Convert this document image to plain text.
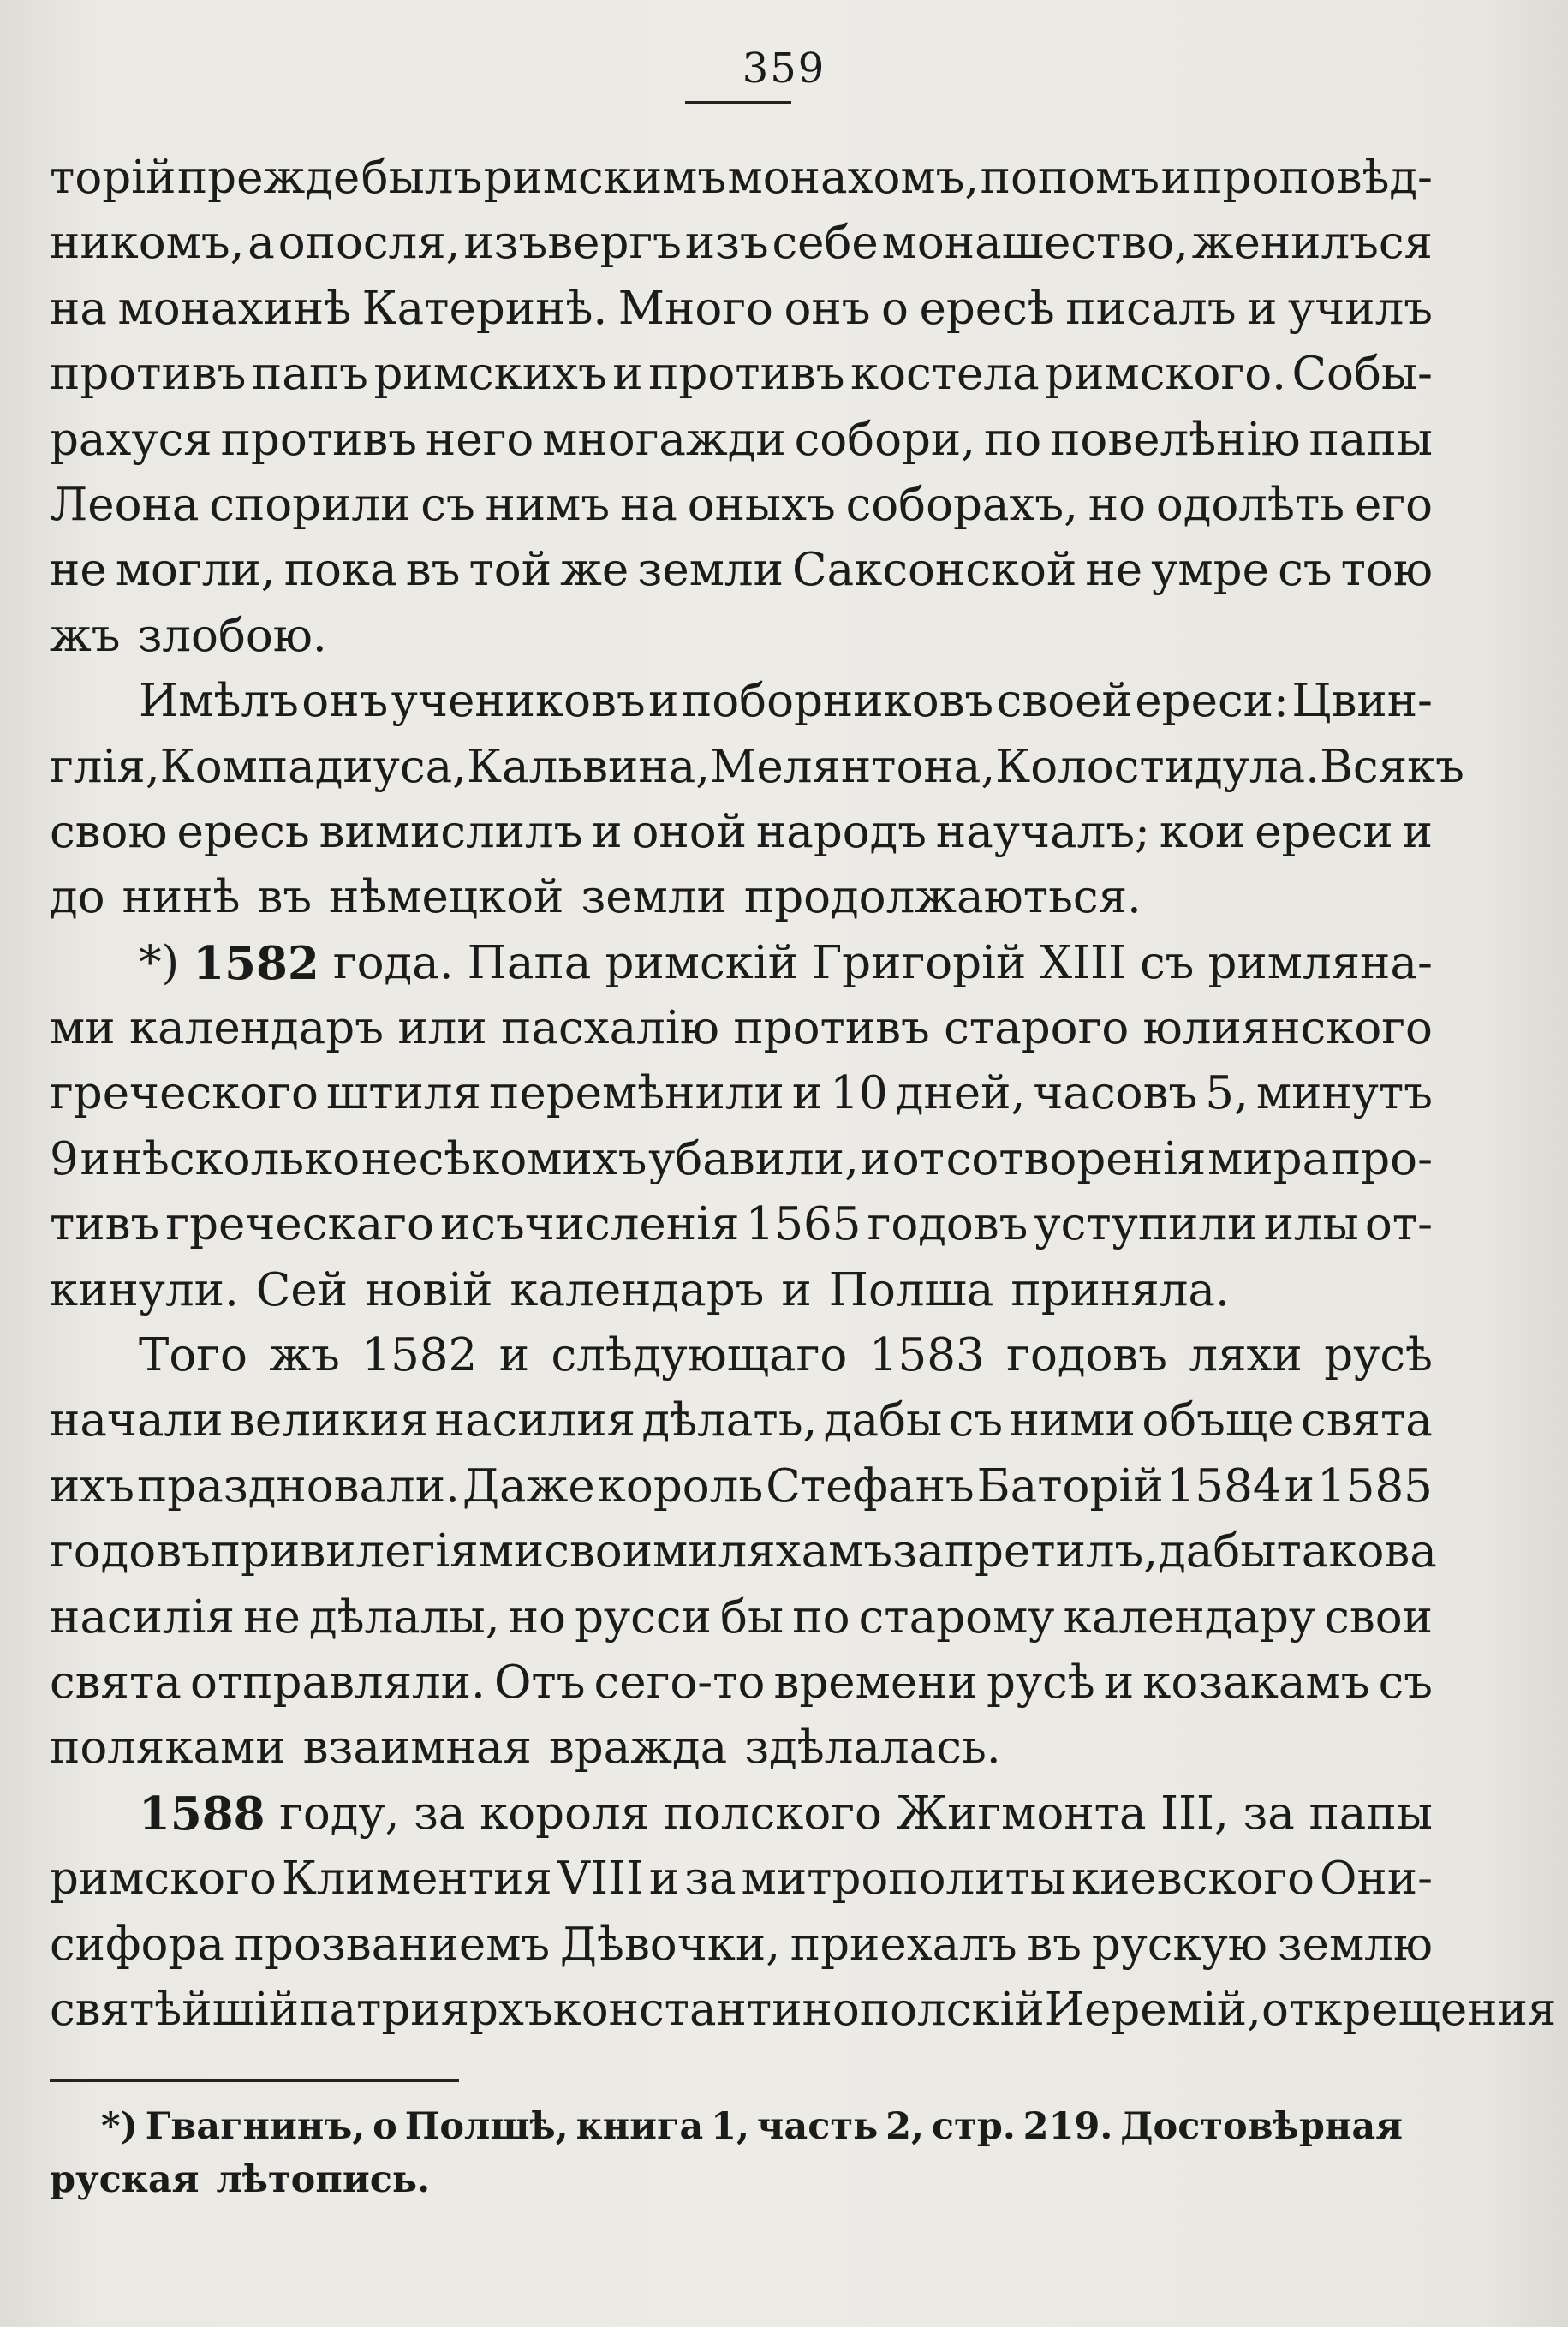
359
торій прежде былъ римскимъ монахомъ, попомъ и проповѣд-
никомъ, а опосля, изъвергъ изъ себе монашество, женилъся
на монахинѣ Катеринѣ. Много онъ о ересѣ писалъ и училъ
противъ папъ римскихъ и противъ костела римского. Собы-
рахуся противъ него многажди собори, по повелѣнію папы
Леона спорили съ нимъ на оныхъ соборахъ, но одолѣть его
не могли, пока въ той же земли Саксонской не умре съ тою
жъ злобою.
Имѣлъ онъ учениковъ и поборниковъ своей ереси: Цвин-
глія, Компадиуса, Кальвина, Мелянтона, Колостидула. Всякъ
свою ересь вимислилъ и оной народъ научалъ; кои ереси и
до нинѣ въ нѣмецкой земли продолжаються.
*) 1582 года. Папа римскій Григорій XIII съ римляна-
ми календаръ или пасхалію противъ старого юлиянского
греческого штиля перемѣнили и 10 дней, часовъ 5, минутъ
9 и нѣсколько несѣкомихъ убавили, и от сотворенія мира про-
тивъ греческаго исъчисленія 1565 годовъ уступили илы от-
кинули. Сей новій календаръ и Полша приняла.
Того жъ 1582 и слѣдующаго 1583 годовъ ляхи русѣ
начали великия насилия дѣлать, дабы съ ними объще свята
ихъ праздновали. Даже король Стефанъ Баторій 1584 и 1585
годовъ привилегіями своими ляхамъ запретилъ, дабы такова
насилія не дѣлалы, но русси бы по старому календару свои
свята отправляли. Отъ сего-то времени русѣ и козакамъ съ
поляками взаимная вражда здѣлалась.
1588 году, за короля полского Жигмонта III, за папы
римского Климентия VIII и за митрополиты киевского Они-
сифора прозваниемъ Дѣвочки, приехалъ въ рускую землю
святѣйшій патриярхъ константинополскій Иеремій, от крещения
*) Гвагнинъ, о Полшѣ, книга 1, часть 2, стр. 219. Достовѣрная
руская лѣтопись.
